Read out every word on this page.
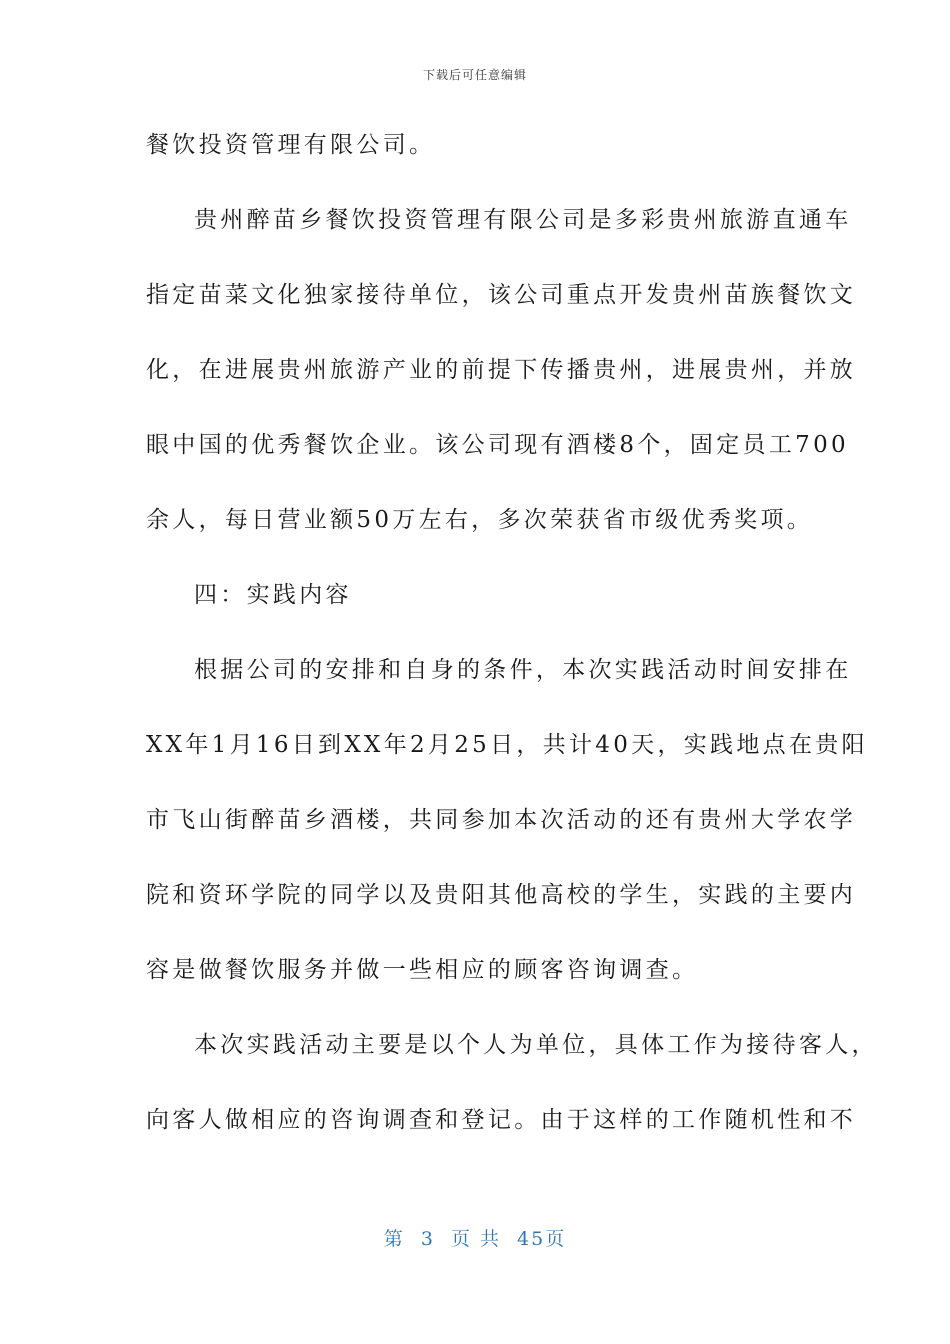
下载后可任意编辑
餐饮投资管理有限公司。
贵州醉苗乡餐饮投资管理有限公司是多彩贵州旅游直通车
指定苗菜文化独家接待单位，该公司重点开发贵州苗族餐饮文
化，在进展贵州旅游产业的前提下传播贵州，进展贵州，并放
眼中国的优秀餐饮企业。该公司现有酒楼8个，固定员工700
余人，每日营业额50万左右，多次荣获省市级优秀奖项。
四：实践内容
根据公司的安排和自身的条件，本次实践活动时间安排在
XX年1月16日到XX年2月25日，共计40天，实践地点在贵阳
市飞山街醉苗乡酒楼，共同参加本次活动的还有贵州大学农学
院和资环学院的同学以及贵阳其他高校的学生，实践的主要内
容是做餐饮服务并做一些相应的顾客咨询调查。
本次实践活动主要是以个人为单位，具体工作为接待客人，
向客人做相应的咨询调查和登记。由于这样的工作随机性和不
第 3 页 共 45页
